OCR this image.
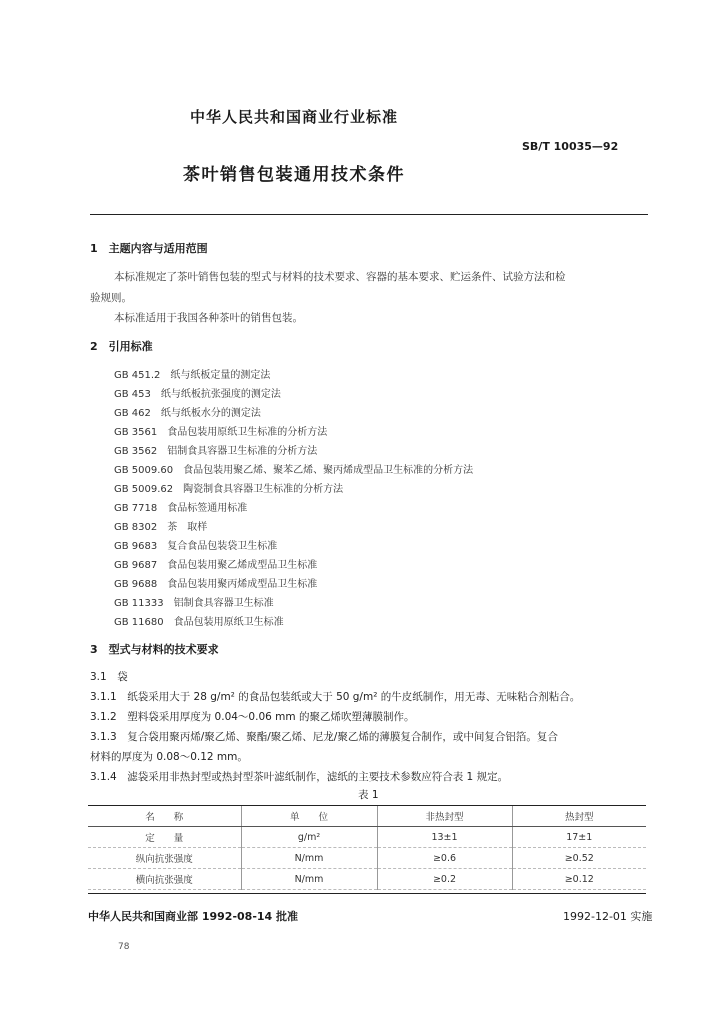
中华人民共和国商业行业标准
SB/T 10035—92
茶叶销售包装通用技术条件
1　主题内容与适用范围
本标准规定了茶叶销售包装的型式与材料的技术要求、容器的基本要求、贮运条件、试验方法和检
验规则。
本标准适用于我国各种茶叶的销售包装。
2　引用标准
GB 451.2 纸与纸板定量的测定法
GB 453 纸与纸板抗张强度的测定法
GB 462 纸与纸板水分的测定法
GB 3561 食品包装用原纸卫生标准的分析方法
GB 3562 铝制食具容器卫生标准的分析方法
GB 5009.60 食品包装用聚乙烯、聚苯乙烯、聚丙烯成型品卫生标准的分析方法
GB 5009.62 陶瓷制食具容器卫生标准的分析方法
GB 7718 食品标签通用标准
GB 8302 茶　取样
GB 9683 复合食品包装袋卫生标准
GB 9687 食品包装用聚乙烯成型品卫生标准
GB 9688 食品包装用聚丙烯成型品卫生标准
GB 11333 铝制食具容器卫生标准
GB 11680 食品包装用原纸卫生标准
3　型式与材料的技术要求
3.1　袋
3.1.1　纸袋采用大于 28 g/m² 的食品包装纸或大于 50 g/m² 的牛皮纸制作，用无毒、无味粘合剂粘合。
3.1.2　塑料袋采用厚度为 0.04～0.06 mm 的聚乙烯吹塑薄膜制作。
3.1.3　复合袋用聚丙烯/聚乙烯、聚酯/聚乙烯、尼龙/聚乙烯的薄膜复合制作，或中间复合铝箔。复合
材料的厚度为 0.08～0.12 mm。
3.1.4　滤袋采用非热封型或热封型茶叶滤纸制作，滤纸的主要技术参数应符合表 1 规定。
表 1
名　　称	单　　位	非热封型	热封型
定　　量	g/m²	13±1	17±1
纵向抗张强度	N/mm	≥0.6	≥0.52
横向抗张强度	N/mm	≥0.2	≥0.12
中华人民共和国商业部 1992-08-14 批准	1992-12-01 实施
78
